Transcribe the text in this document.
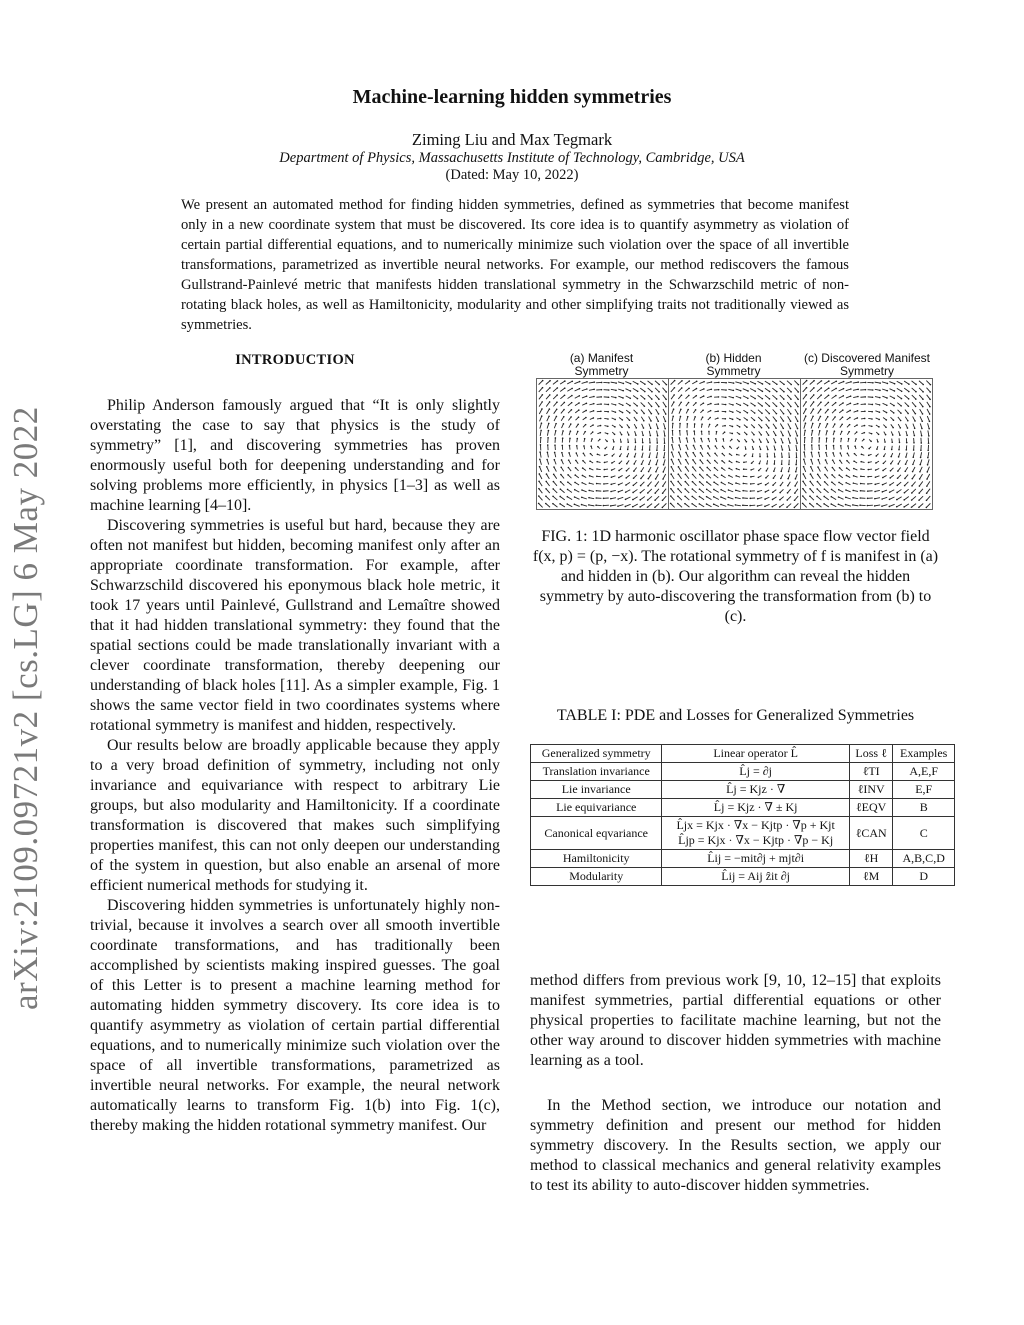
Machine-learning hidden symmetries
Ziming Liu and Max Tegmark
Department of Physics, Massachusetts Institute of Technology, Cambridge, USA
(Dated: May 10, 2022)
We present an automated method for finding hidden symmetries, defined as symmetries that become manifest only in a new coordinate system that must be discovered. Its core idea is to quantify asymmetry as violation of certain partial differential equations, and to numerically minimize such violation over the space of all invertible transformations, parametrized as invertible neural networks. For example, our method rediscovers the famous Gullstrand-Painlevé metric that manifests hidden translational symmetry in the Schwarzschild metric of non-rotating black holes, as well as Hamiltonicity, modularity and other simplifying traits not traditionally viewed as symmetries.
arXiv:2109.09721v2 [cs.LG] 6 May 2022
INTRODUCTION

Philip Anderson famously argued that “It is only slightly overstating the case to say that physics is the study of symmetry” [1], and discovering symmetries has proven enormously useful both for deepening understanding and for solving problems more efficiently, in physics [1–3] as well as machine learning [4–10].

Discovering symmetries is useful but hard, because they are often not manifest but hidden, becoming manifest only after an appropriate coordinate transformation. For example, after Schwarzschild discovered his eponymous black hole metric, it took 17 years until Painlevé, Gullstrand and Lemaître showed that it had hidden translational symmetry: they found that the spatial sections could be made translationally invariant with a clever coordinate transformation, thereby deepening our understanding of black holes [11]. As a simpler example, Fig. 1 shows the same vector field in two coordinates systems where rotational symmetry is manifest and hidden, respectively.

Our results below are broadly applicable because they apply to a very broad definition of symmetry, including not only invariance and equivariance with respect to arbitrary Lie groups, but also modularity and Hamiltonicity. If a coordinate transformation is discovered that makes such simplifying properties manifest, this can not only deepen our understanding of the system in question, but also enable an arsenal of more efficient numerical methods for studying it.

Discovering hidden symmetries is unfortunately highly non-trivial, because it involves a search over all smooth invertible coordinate transformations, and has traditionally been accomplished by scientists making inspired guesses. The goal of this Letter is to present a machine learning method for automating hidden symmetry discovery. Its core idea is to quantify asymmetry as violation of certain partial differential equations, and to numerically minimize such violation over the space of all invertible transformations, parametrized as invertible neural networks. For example, the neural network automatically learns to transform Fig. 1(b) into Fig. 1(c), thereby making the hidden rotational symmetry manifest. Our

(a) Manifest
Symmetry
(b) Hidden
Symmetry
(c) Discovered Manifest
Symmetry
FIG. 1: 1D harmonic oscillator phase space flow vector field f(x, p) = (p, −x). The rotational symmetry of f is manifest in (a) and hidden in (b). Our algorithm can reveal the hidden symmetry by auto-discovering the transformation from (b) to (c).
TABLE I: PDE and Losses for Generalized Symmetries
Generalized symmetry	Linear operator L̂	Loss ℓ	Examples
Translation invariance	L̂j = ∂j	ℓTI	A,E,F
Lie invariance	L̂j = Kjz · ∇	ℓINV	E,F
Lie equivariance	L̂j = Kjz · ∇ ± Kj	ℓEQV	B
Canonical eqvariance	L̂jx = Kjx · ∇x − Kjtp · ∇p + Kjt
L̂jp = Kjx · ∇x − Kjtp · ∇p − Kj	ℓCAN	C
Hamiltonicity	L̂ij = −mit∂j + mjt∂i	ℓH	A,B,C,D
Modularity	L̂ij = Aij ẑit ∂j	ℓM	D

method differs from previous work [9, 10, 12–15] that exploits manifest symmetries, partial differential equations or other physical properties to facilitate machine learning, but not the other way around to discover hidden symmetries with machine learning as a tool.

In the Method section, we introduce our notation and symmetry definition and present our method for hidden symmetry discovery. In the Results section, we apply our method to classical mechanics and general relativity examples to test its ability to auto-discover hidden symmetries.
